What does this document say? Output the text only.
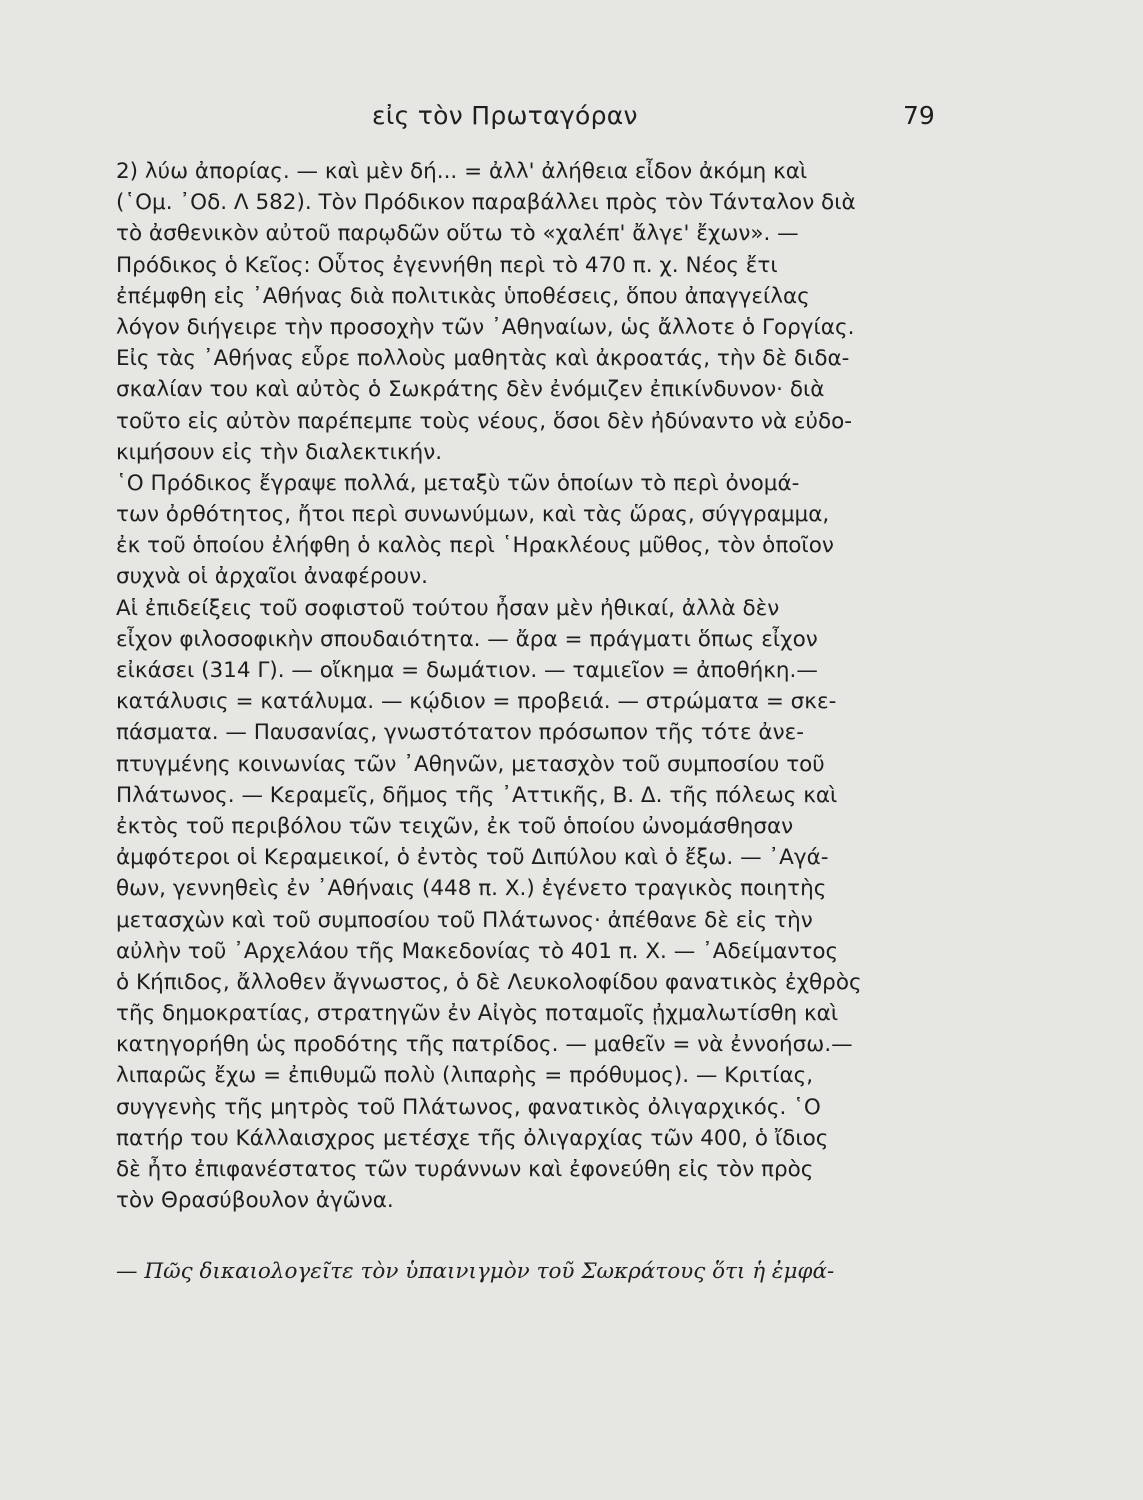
εἰς τὸν Πρωταγόραν	79
2) λύω ἀπορίας. — καὶ μὲν δή... = ἀλλ' ἀλήθεια εἶδον ἀκόμη καὶ
(῾Ομ. ᾿Οδ. Λ 582). Τὸν Πρόδικον παραβάλλει πρὸς τὸν Τάνταλον διὰ
τὸ ἀσθενικὸν αὐτοῦ παρῳδῶν οὕτω τὸ «χαλέπ' ἄλγε' ἔχων». —
Πρόδικος ὁ Κεῖος: Οὗτος ἐγεννήθη περὶ τὸ 470 π. χ. Νέος ἔτι
ἐπέμφθη εἰς ᾿Αθήνας διὰ πολιτικὰς ὑποθέσεις, ὅπου ἀπαγγείλας
λόγον διήγειρε τὴν προσοχὴν τῶν ᾿Αθηναίων, ὡς ἄλλοτε ὁ Γοργίας.
Εἰς τὰς ᾿Αθήνας εὗρε πολλοὺς μαθητὰς καὶ ἀκροατάς, τὴν δὲ διδα-
σκαλίαν του καὶ αὐτὸς ὁ Σωκράτης δὲν ἐνόμιζεν ἐπικίνδυνον· διὰ
τοῦτο εἰς αὐτὸν παρέπεμπε τοὺς νέους, ὅσοι δὲν ἠδύναντο νὰ εὐδο-
κιμήσουν εἰς τὴν διαλεκτικήν.
῾Ο Πρόδικος ἔγραψε πολλά, μεταξὺ τῶν ὁποίων τὸ περὶ ὀνομά-
των ὀρθότητος, ἤτοι περὶ συνωνύμων, καὶ τὰς ὥρας, σύγγραμμα,
ἐκ τοῦ ὁποίου ἐλήφθη ὁ καλὸς περὶ ῾Ηρακλέους μῦθος, τὸν ὁποῖον
συχνὰ οἱ ἀρχαῖοι ἀναφέρουν.
Αἱ ἐπιδείξεις τοῦ σοφιστοῦ τούτου ἦσαν μὲν ἠθικαί, ἀλλὰ δὲν
εἶχον φιλοσοφικὴν σπουδαιότητα. — ἄρα = πράγματι ὅπως εἶχον
εἰκάσει (314 Γ). — οἴκημα = δωμάτιον. — ταμιεῖον = ἀποθήκη.—
κατάλυσις = κατάλυμα. — κῴδιον = προβειά. — στρώματα = σκε-
πάσματα. — Παυσανίας, γνωστότατον πρόσωπον τῆς τότε ἀνε-
πτυγμένης κοινωνίας τῶν ᾿Αθηνῶν, μετασχὸν τοῦ συμποσίου τοῦ
Πλάτωνος. — Κεραμεῖς, δῆμος τῆς ᾿Αττικῆς, Β. Δ. τῆς πόλεως καὶ
ἐκτὸς τοῦ περιβόλου τῶν τειχῶν, ἐκ τοῦ ὁποίου ὠνομάσθησαν
ἀμφότεροι οἱ Κεραμεικοί, ὁ ἐντὸς τοῦ Διπύλου καὶ ὁ ἔξω. — ᾿Αγά-
θων, γεννηθεὶς ἐν ᾿Αθήναις (448 π. Χ.) ἐγένετο τραγικὸς ποιητὴς
μετασχὼν καὶ τοῦ συμποσίου τοῦ Πλάτωνος· ἀπέθανε δὲ εἰς τὴν
αὐλὴν τοῦ ᾿Αρχελάου τῆς Μακεδονίας τὸ 401 π. Χ. — ᾿Αδείμαντος
ὁ Κήπιδος, ἄλλοθεν ἄγνωστος, ὁ δὲ Λευκολοφίδου φανατικὸς ἐχθρὸς
τῆς δημοκρατίας, στρατηγῶν ἐν Αἰγὸς ποταμοῖς ᾐχμαλωτίσθη καὶ
κατηγορήθη ὡς προδότης τῆς πατρίδος. — μαθεῖν = νὰ ἐννοήσω.—
λιπαρῶς ἔχω = ἐπιθυμῶ πολὺ (λιπαρὴς = πρόθυμος). — Κριτίας,
συγγενὴς τῆς μητρὸς τοῦ Πλάτωνος, φανατικὸς ὀλιγαρχικός. ῾Ο
πατήρ του Κάλλαισχρος μετέσχε τῆς ὀλιγαρχίας τῶν 400, ὁ ἴδιος
δὲ ἦτο ἐπιφανέστατος τῶν τυράννων καὶ ἐφονεύθη εἰς τὸν πρὸς
τὸν Θρασύβουλον ἀγῶνα.
— Πῶς δικαιολογεῖτε τὸν ὑπαινιγμὸν τοῦ Σωκράτους ὅτι ἡ ἐμφά-
